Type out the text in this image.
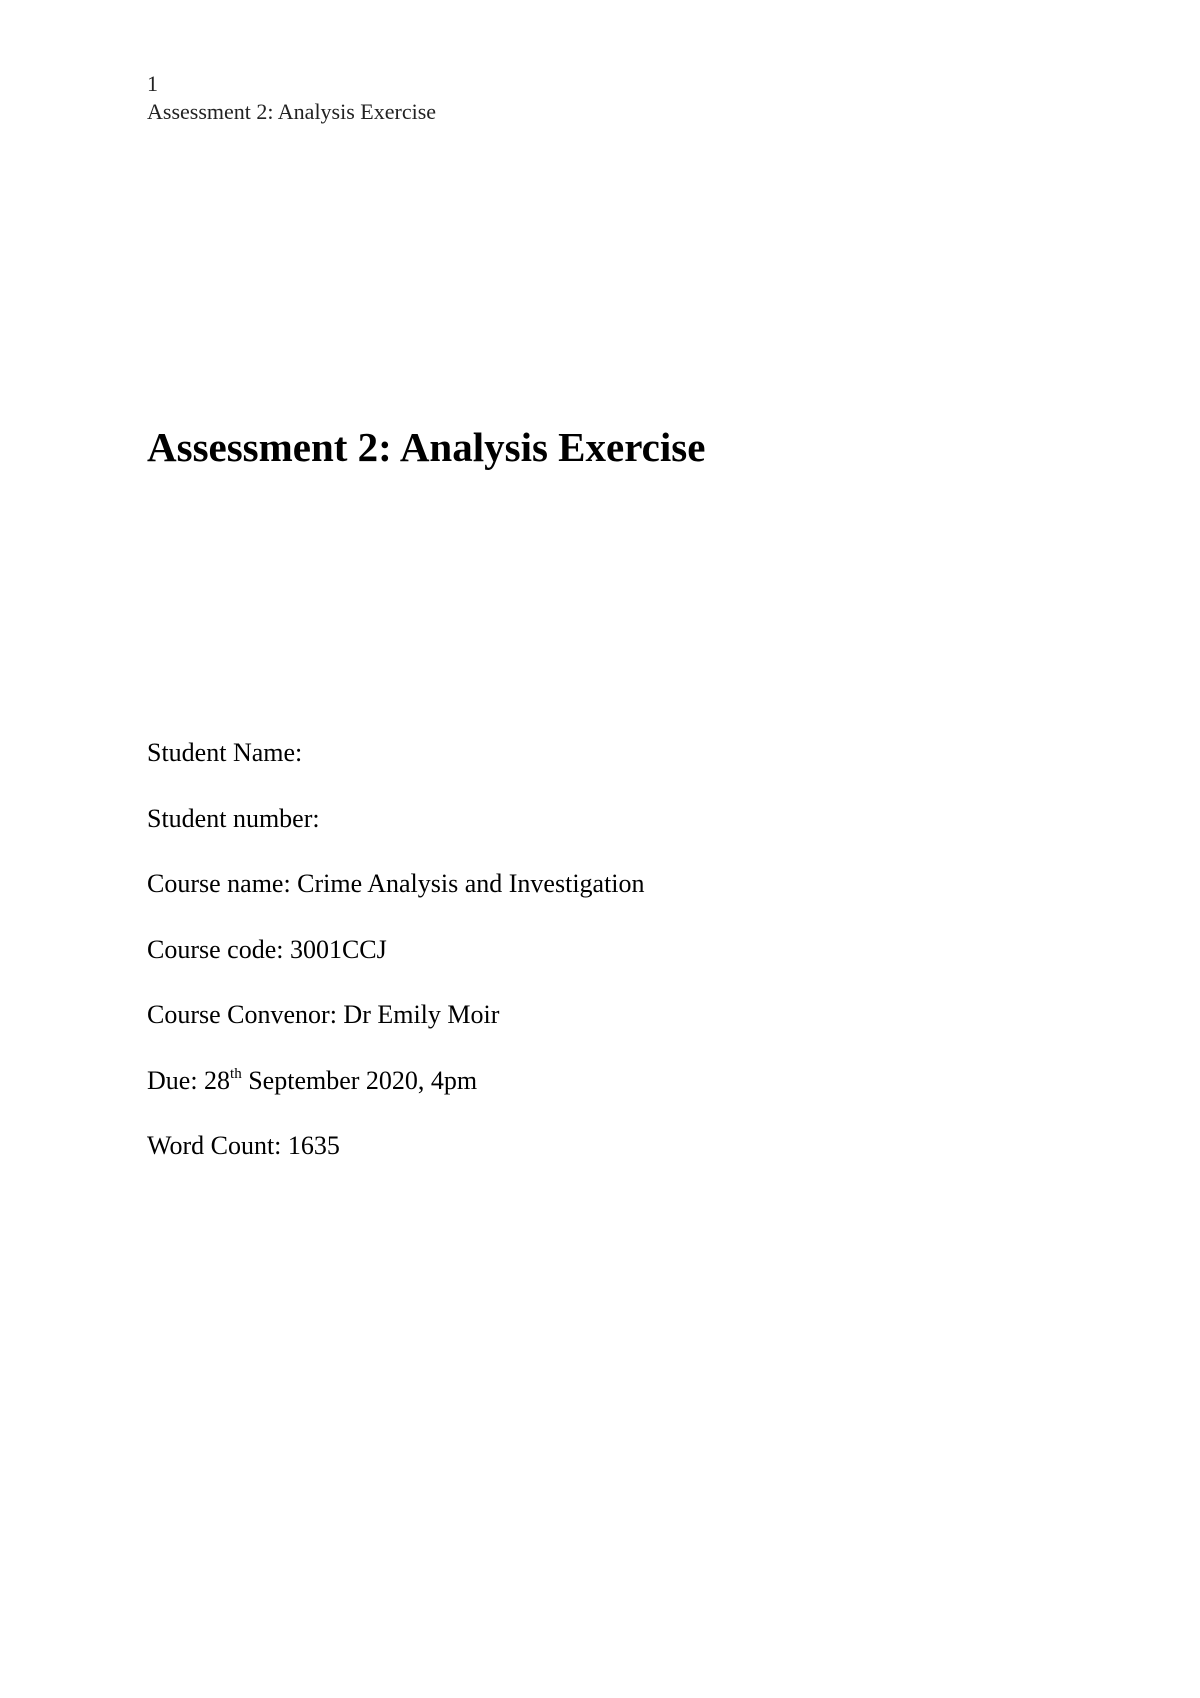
1
Assessment 2: Analysis Exercise
Assessment 2: Analysis Exercise
Student Name:
Student number:
Course name: Crime Analysis and Investigation
Course code: 3001CCJ
Course Convenor: Dr Emily Moir
Due: 28th September 2020, 4pm
Word Count: 1635
